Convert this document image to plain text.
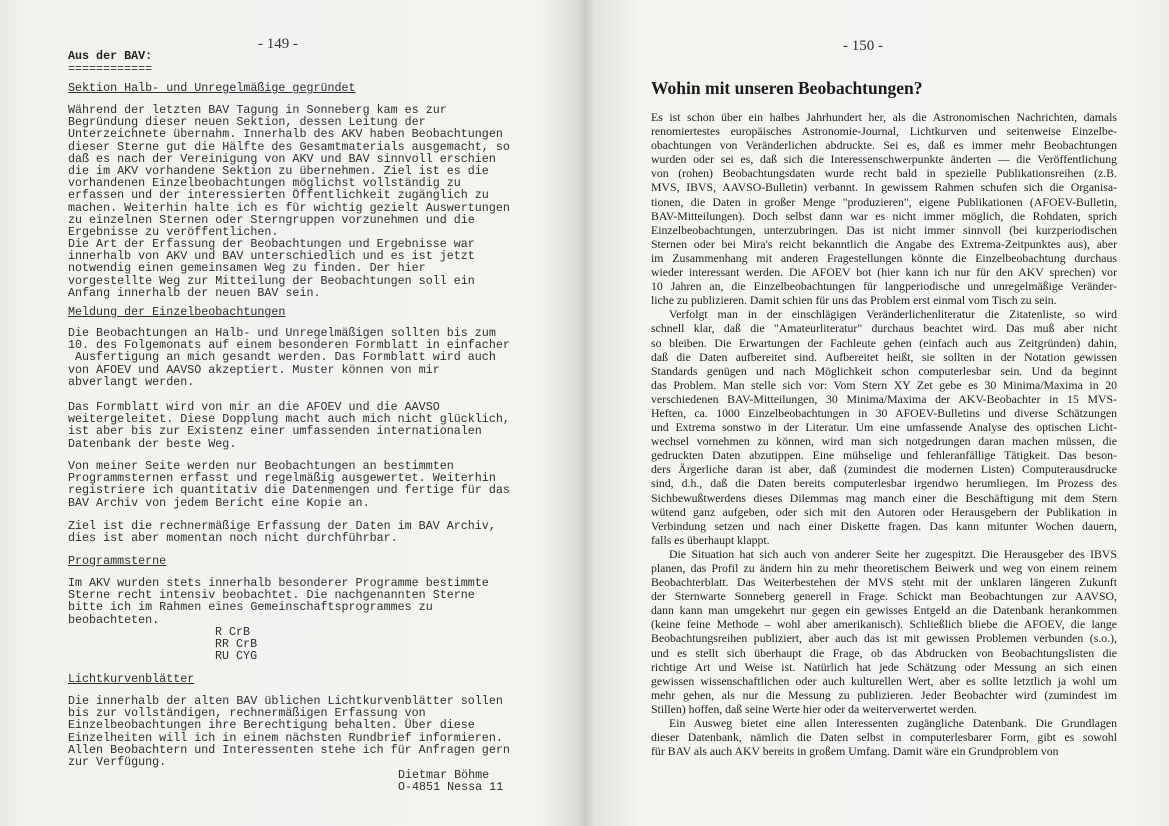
- 149 -
Aus der BAV:
============
Sektion Halb- und Unregelmäßige gegründet
Während der letzten BAV Tagung in Sonneberg kam es zur
Begründung dieser neuen Sektion, dessen Leitung der
Unterzeichnete übernahm. Innerhalb des AKV haben Beobachtungen
dieser Sterne gut die Hälfte des Gesamtmaterials ausgemacht, so
daß es nach der Vereinigung von AKV und BAV sinnvoll erschien
die im AKV vorhandene Sektion zu übernehmen. Ziel ist es die
vorhandenen Einzelbeobachtungen möglichst vollständig zu
erfassen und der interessierten Öffentlichkeit zugänglich zu
machen. Weiterhin halte ich es für wichtig gezielt Auswertungen
zu einzelnen Sternen oder Sterngruppen vorzunehmen und die
Ergebnisse zu veröffentlichen.
Die Art der Erfassung der Beobachtungen und Ergebnisse war
innerhalb von AKV und BAV unterschiedlich und es ist jetzt
notwendig einen gemeinsamen Weg zu finden. Der hier
vorgestellte Weg zur Mitteilung der Beobachtungen soll ein
Anfang innerhalb der neuen BAV sein.
Meldung der Einzelbeobachtungen
Die Beobachtungen an Halb- und Unregelmäßigen sollten bis zum
10. des Folgemonats auf einem besonderen Formblatt in einfacher
Ausfertigung an mich gesandt werden. Das Formblatt wird auch
von AFOEV und AAVSO akzeptiert. Muster können von mir
abverlangt werden.
Das Formblatt wird von mir an die AFOEV und die AAVSO
weitergeleitet. Diese Dopplung macht auch mich nicht glücklich,
ist aber bis zur Existenz einer umfassenden internationalen
Datenbank der beste Weg.
Von meiner Seite werden nur Beobachtungen an bestimmten
Programmsternen erfasst und regelmäßig ausgewertet. Weiterhin
registriere ich quantitativ die Datenmengen und fertige für das
BAV Archiv von jedem Bericht eine Kopie an.
Ziel ist die rechnermäßige Erfassung der Daten im BAV Archiv,
dies ist aber momentan noch nicht durchführbar.
Programmsterne
Im AKV wurden stets innerhalb besonderer Programme bestimmte
Sterne recht intensiv beobachtet. Die nachgenannten Sterne
bitte ich im Rahmen eines Gemeinschaftsprogrammes zu
beobachteten.
R CrB
RR CrB
RU CYG
Lichtkurvenblätter
Die innerhalb der alten BAV üblichen Lichtkurvenblätter sollen
bis zur vollständigen, rechnermäßigen Erfassung von
Einzelbeobachtungen ihre Berechtigung behalten. Über diese
Einzelheiten will ich in einem nächsten Rundbrief informieren.
Allen Beobachtern und Interessenten stehe ich für Anfragen gern
zur Verfügung.
Dietmar Böhme
O-4851 Nessa 11
- 150 -
Wohin mit unseren Beobachtungen?
Es ist schon über ein halbes Jahrhundert her, als die Astronomischen Nachrichten, damals
renomiertestes europäisches Astronomie-Journal, Lichtkurven und seitenweise Einzelbe-
obachtungen von Veränderlichen abdruckte. Sei es, daß es immer mehr Beobachtungen
wurden oder sei es, daß sich die Interessenschwerpunkte änderten — die Veröffentlichung
von (rohen) Beobachtungsdaten wurde recht bald in spezielle Publikationsreihen (z.B.
MVS, IBVS, AAVSO-Bulletin) verbannt. In gewissem Rahmen schufen sich die Organisa-
tionen, die Daten in großer Menge "produzieren", eigene Publikationen (AFOEV-Bulletin,
BAV-Mitteilungen). Doch selbst dann war es nicht immer möglich, die Rohdaten, sprich
Einzelbeobachtungen, unterzubringen. Das ist nicht immer sinnvoll (bei kurzperiodischen
Sternen oder bei Mira's reicht bekanntlich die Angabe des Extrema-Zeitpunktes aus), aber
im Zusammenhang mit anderen Fragestellungen könnte die Einzelbeobachtung durchaus
wieder interessant werden. Die AFOEV bot (hier kann ich nur für den AKV sprechen) vor
10 Jahren an, die Einzelbeobachtungen für langperiodische und unregelmäßige Veränder-
liche zu publizieren. Damit schien für uns das Problem erst einmal vom Tisch zu sein.
Verfolgt man in der einschlägigen Veränderlichenliteratur die Zitatenliste, so wird
schnell klar, daß die "Amateurliteratur" durchaus beachtet wird. Das muß aber nicht
so bleiben. Die Erwartungen der Fachleute gehen (einfach auch aus Zeitgründen) dahin,
daß die Daten aufbereitet sind. Aufbereitet heißt, sie sollten in der Notation gewissen
Standards genügen und nach Möglichkeit schon computerlesbar sein. Und da beginnt
das Problem. Man stelle sich vor: Vom Stern XY Zet gebe es 30 Minima/Maxima in 20
verschiedenen BAV-Mitteilungen, 30 Minima/Maxima der AKV-Beobachter in 15 MVS-
Heften, ca. 1000 Einzelbeobachtungen in 30 AFOEV-Bulletins und diverse Schätzungen
und Extrema sonstwo in der Literatur. Um eine umfassende Analyse des optischen Licht-
wechsel vornehmen zu können, wird man sich notgedrungen daran machen müssen, die
gedruckten Daten abzutippen. Eine mühselige und fehleranfällige Tätigkeit. Das beson-
ders Ärgerliche daran ist aber, daß (zumindest die modernen Listen) Computerausdrucke
sind, d.h., daß die Daten bereits computerlesbar irgendwo herumliegen. Im Prozess des
Sichbewußtwerdens dieses Dilemmas mag manch einer die Beschäftigung mit dem Stern
wütend ganz aufgeben, oder sich mit den Autoren oder Herausgebern der Publikation in
Verbindung setzen und nach einer Diskette fragen. Das kann mitunter Wochen dauern,
falls es überhaupt klappt.
Die Situation hat sich auch von anderer Seite her zugespitzt. Die Herausgeber des IBVS
planen, das Profil zu ändern hin zu mehr theoretischem Beiwerk und weg von einem reinem
Beobachterblatt. Das Weiterbestehen der MVS steht mit der unklaren längeren Zukunft
der Sternwarte Sonneberg generell in Frage. Schickt man Beobachtungen zur AAVSO,
dann kann man umgekehrt nur gegen ein gewisses Entgeld an die Datenbank herankommen
(keine feine Methode – wohl aber amerikanisch). Schließlich bliebe die AFOEV, die lange
Beobachtungsreihen publiziert, aber auch das ist mit gewissen Problemen verbunden (s.o.),
und es stellt sich überhaupt die Frage, ob das Abdrucken von Beobachtungslisten die
richtige Art und Weise ist. Natürlich hat jede Schätzung oder Messung an sich einen
gewissen wissenschaftlichen oder auch kulturellen Wert, aber es sollte letztlich ja wohl um
mehr gehen, als nur die Messung zu publizieren. Jeder Beobachter wird (zumindest im
Stillen) hoffen, daß seine Werte hier oder da weiterverwertet werden.
Ein Ausweg bietet eine allen Interessenten zugängliche Datenbank. Die Grundlagen
dieser Datenbank, nämlich die Daten selbst in computerlesbarer Form, gibt es sowohl
für BAV als auch AKV bereits in großem Umfang. Damit wäre ein Grundproblem von
